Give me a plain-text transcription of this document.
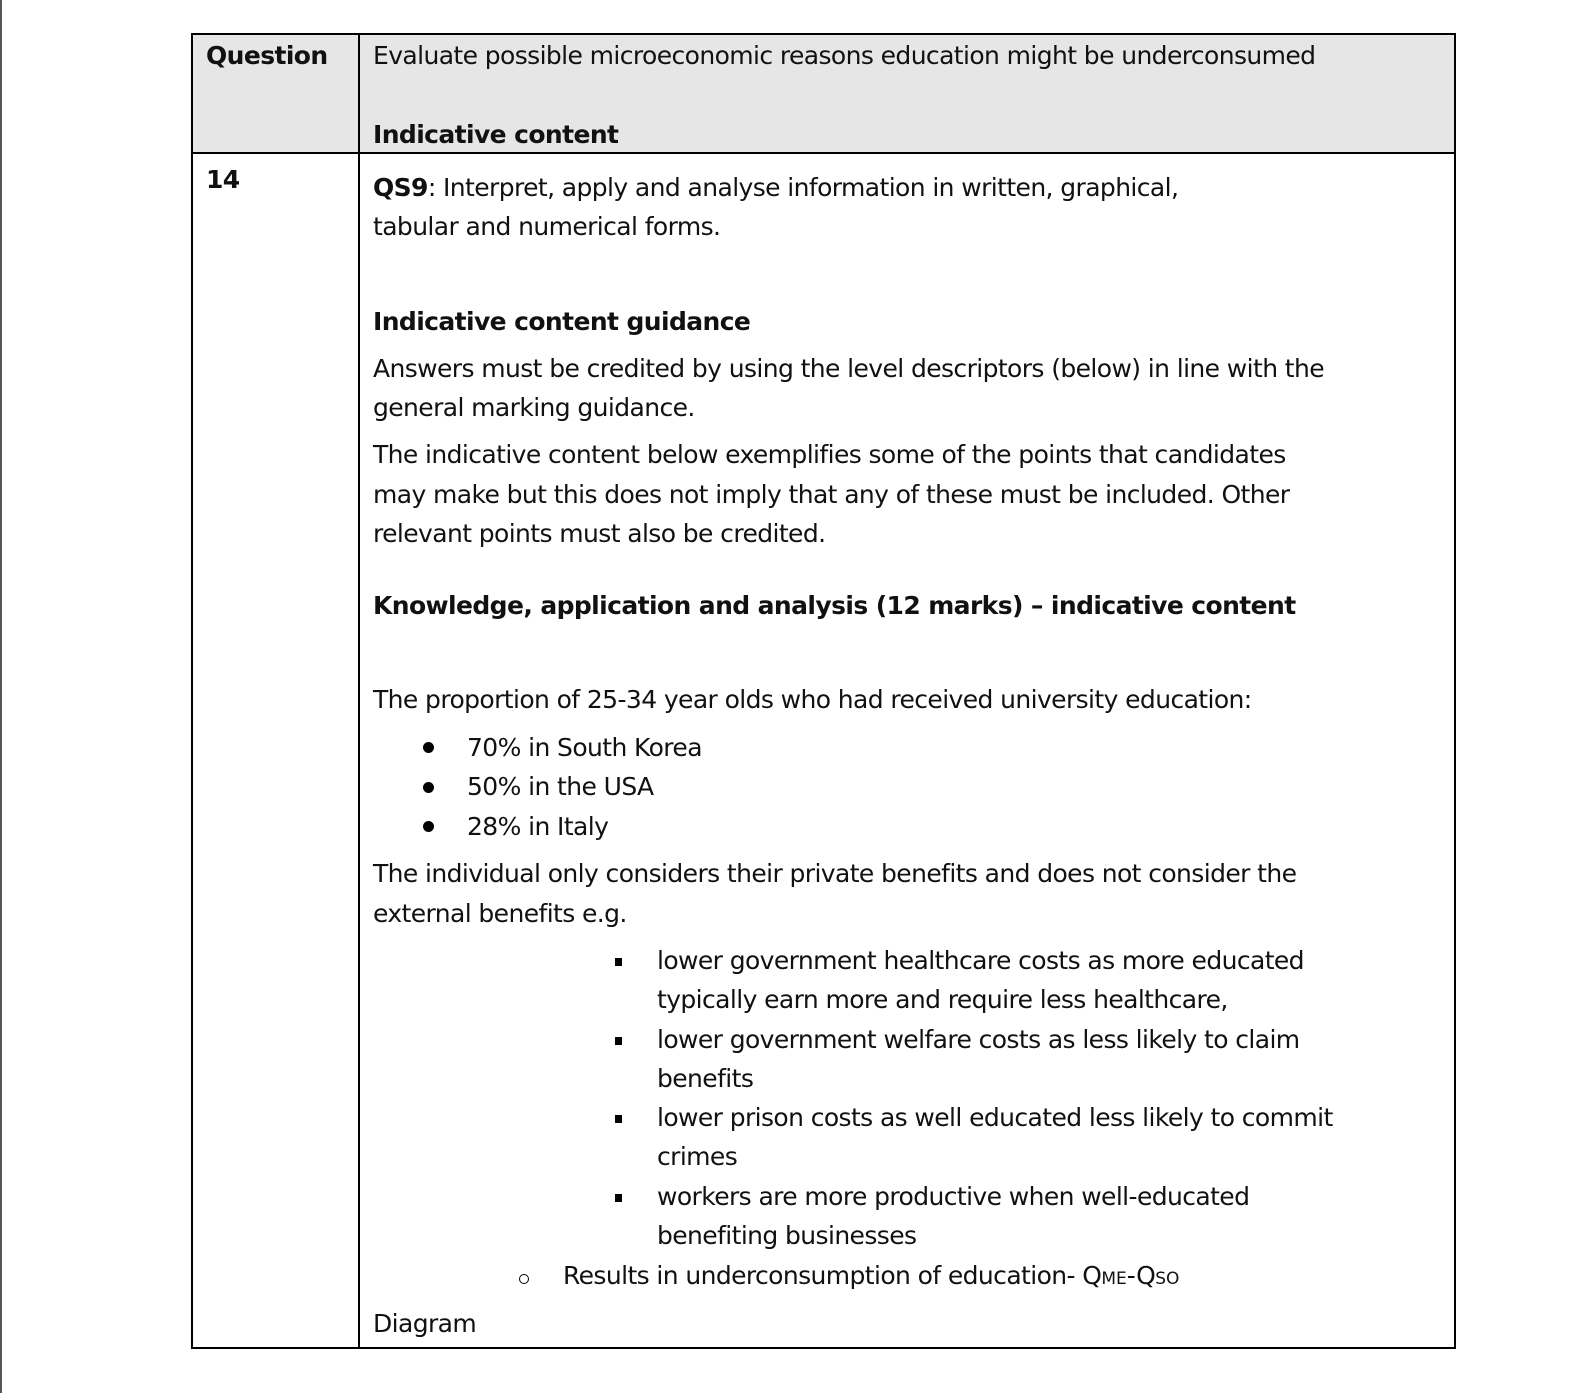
Question Evaluate possible microeconomic reasons education might be underconsumed
Indicative content
14	QS9: Interpret, apply and analyse information in written, graphical,
tabular and numerical forms.
Indicative content guidance
Answers must be credited by using the level descriptors (below) in line with the
general marking guidance.
The indicative content below exemplifies some of the points that candidates
may make but this does not imply that any of these must be included. Other
relevant points must also be credited.
Knowledge, application and analysis (12 marks) – indicative content
The proportion of 25-34 year olds who had received university education:
70% in South Korea
50% in the USA
28% in Italy
The individual only considers their private benefits and does not consider the
external benefits e.g.
lower government healthcare costs as more educated
typically earn more and require less healthcare,
lower government welfare costs as less likely to claim
benefits
lower prison costs as well educated less likely to commit
crimes
workers are more productive when well-educated
benefiting businesses
Results in underconsumption of education- QME-QSO
Diagram
